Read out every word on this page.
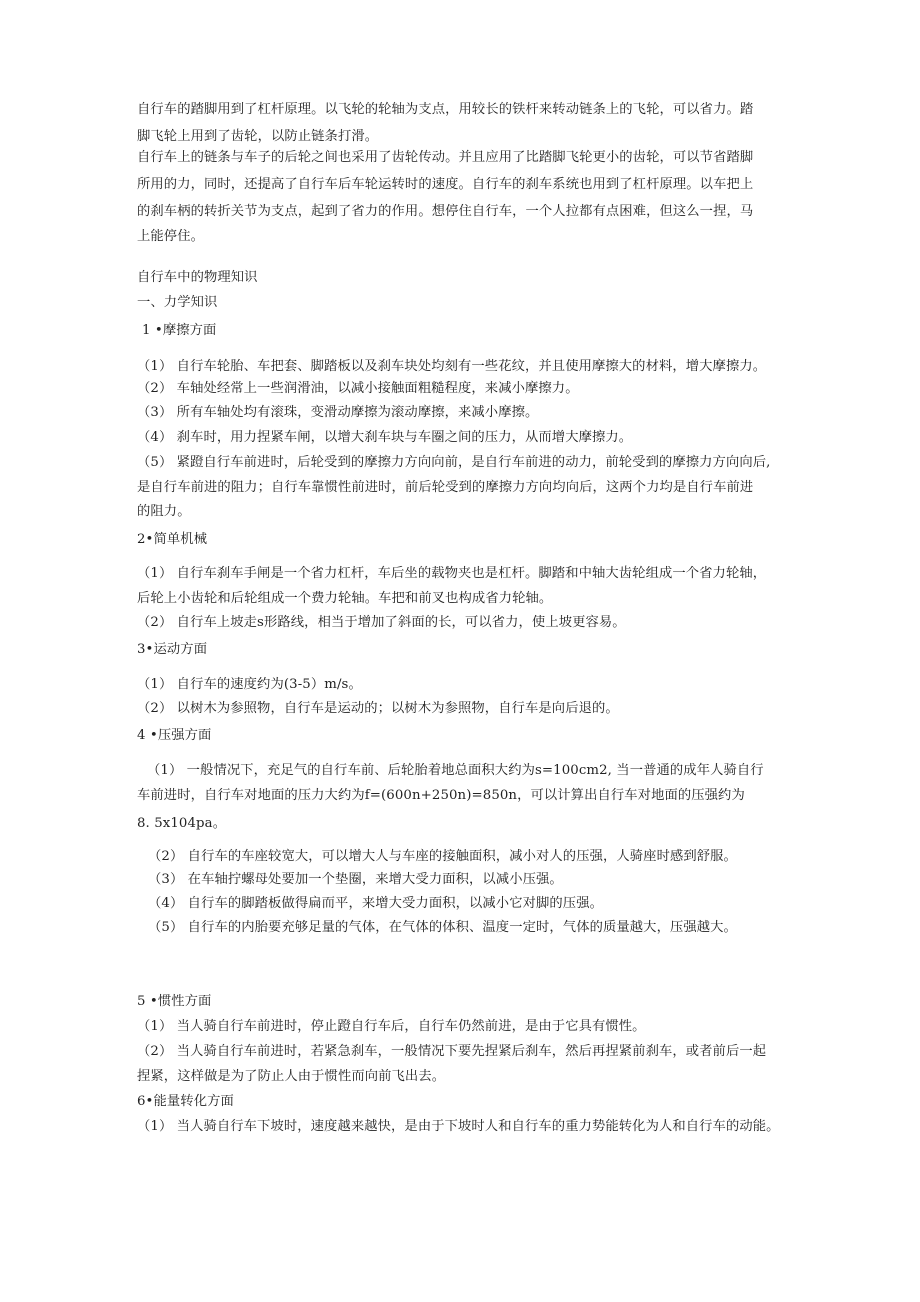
自行车的踏脚用到了杠杆原理。以飞轮的轮轴为支点，用较长的铁杆来转动链条上的飞轮，可以省力。踏
脚飞轮上用到了齿轮，以防止链条打滑。
自行车上的链条与车子的后轮之间也采用了齿轮传动。并且应用了比踏脚飞轮更小的齿轮，可以节省踏脚
所用的力，同时，还提高了自行车后车轮运转时的速度。自行车的刹车系统也用到了杠杆原理。以车把上
的刹车柄的转折关节为支点，起到了省力的作用。想停住自行车，一个人拉都有点困难，但这么一捏，马
上能停住。
自行车中的物理知识
一、力学知识
1 •摩擦方面
（1） 自行车轮胎、车把套、脚踏板以及刹车块处均刻有一些花纹，并且使用摩擦大的材料，增大摩擦力。
（2） 车轴处经常上一些润滑油，以减小接触面粗糙程度，来减小摩擦力。
（3） 所有车轴处均有滚珠，变滑动摩擦为滚动摩擦，来减小摩擦。
（4） 刹车时，用力捏紧车闸，以增大刹车块与车圈之间的压力，从而增大摩擦力。
（5） 紧蹬自行车前进时，后轮受到的摩擦力方向向前，是自行车前进的动力，前轮受到的摩擦力方向向后,
是自行车前进的阻力；自行车靠惯性前进时，前后轮受到的摩擦力方向均向后，这两个力均是自行车前进
的阻力。
2•简单机械
（1） 自行车刹车手闸是一个省力杠杆，车后坐的载物夹也是杠杆。脚踏和中轴大齿轮组成一个省力轮轴，
后轮上小齿轮和后轮组成一个费力轮轴。车把和前叉也构成省力轮轴。
（2） 自行车上坡走s形路线，相当于增加了斜面的长，可以省力，使上坡更容易。
3•运动方面
（1） 自行车的速度约为(3-5）m/s。
（2） 以树木为参照物，自行车是运动的；以树木为参照物，自行车是向后退的。
4 •压强方面
（1） 一般情况下，充足气的自行车前、后轮胎着地总面积大约为s=100cm2, 当一普通的成年人骑自行
车前进时，自行车对地面的压力大约为f=(600n+250n)=850n，可以计算出自行车对地面的压强约为
8. 5x104pa。
（2） 自行车的车座较宽大，可以增大人与车座的接触面积，减小对人的压强，人骑座时感到舒服。
（3） 在车轴拧螺母处要加一个垫圈，来增大受力面积，以减小压强。
（4） 自行车的脚踏板做得扁而平，来增大受力面积，以减小它对脚的压强。
（5） 自行车的内胎要充够足量的气体，在气体的体积、温度一定时，气体的质量越大，压强越大。
5 •惯性方面
（1） 当人骑自行车前进时，停止蹬自行车后，自行车仍然前进，是由于它具有惯性。
（2） 当人骑自行车前进时，若紧急刹车，一般情况下要先捏紧后刹车，然后再捏紧前刹车，或者前后一起
捏紧，这样做是为了防止人由于惯性而向前飞出去。
6•能量转化方面
（1） 当人骑自行车下坡时，速度越来越快，是由于下坡时人和自行车的重力势能转化为人和自行车的动能。
